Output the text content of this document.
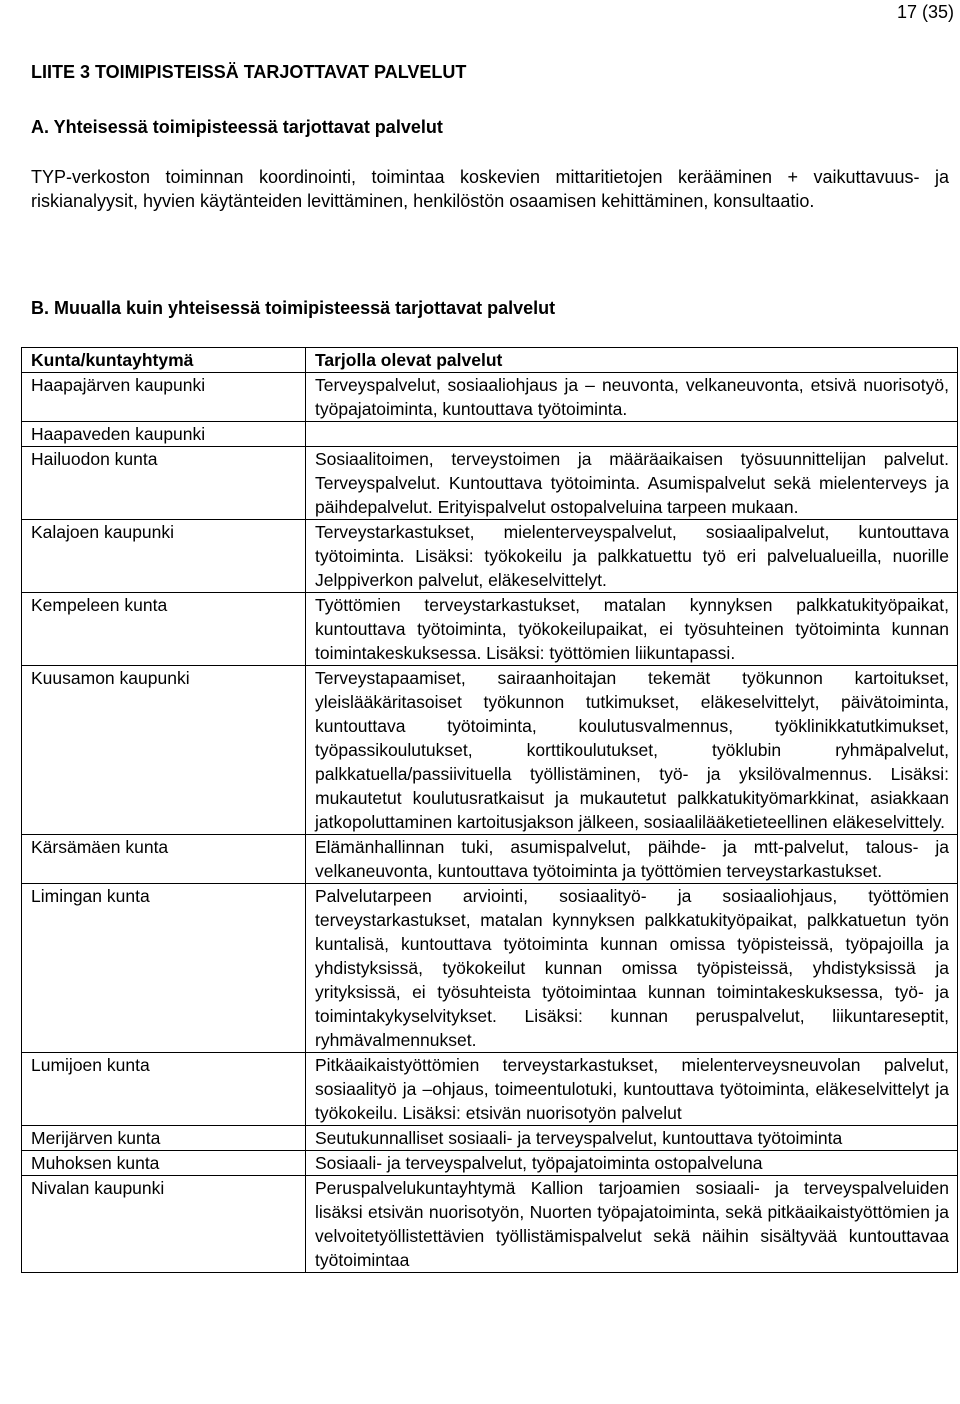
17 (35)
LIITE 3 TOIMIPISTEISSÄ TARJOTTAVAT PALVELUT
A. Yhteisessä toimipisteessä tarjottavat palvelut

TYP-verkoston toiminnan koordinointi, toimintaa koskevien mittaritietojen kerääminen + vaikuttavuus- ja riskianalyysit, hyvien käytänteiden levittäminen, henkilöstön osaamisen kehittäminen, konsultaatio.

B. Muualla kuin yhteisessä toimipisteessä tarjottavat palvelut
Kunta/kuntayhtymä	Tarjolla olevat palvelut
Haapajärven kaupunki	Terveyspalvelut, sosiaaliohjaus ja – neuvonta, velkaneuvonta, etsivä nuorisotyö, työpajatoiminta, kuntouttava työtoiminta.
Haapaveden kaupunki	
Hailuodon kunta	Sosiaalitoimen, terveystoimen ja määräaikaisen työsuunnittelijan palvelut. Terveyspalvelut. Kuntouttava työtoiminta. Asumispalvelut sekä mielenterveys ja päihdepalvelut. Erityispalvelut ostopalveluina tarpeen mukaan.
Kalajoen kaupunki	Terveystarkastukset, mielenterveyspalvelut, sosiaalipalvelut, kuntouttava työtoiminta. Lisäksi: työkokeilu ja palkkatuettu työ eri palvelualueilla, nuorille Jelppiverkon palvelut, eläkeselvittelyt.
Kempeleen kunta	Työttömien terveystarkastukset, matalan kynnyksen palkkatukityöpaikat, kuntouttava työtoiminta, työkokeilupaikat, ei työsuhteinen työtoiminta kunnan toimintakeskuksessa. Lisäksi: työttömien liikuntapassi.
Kuusamon kaupunki	Terveystapaamiset, sairaanhoitajan tekemät työkunnon kartoitukset, yleislääkäritasoiset työkunnon tutkimukset, eläkeselvittelyt, päivätoiminta, kuntouttava työtoiminta, koulutusvalmennus, työklinikkatutkimukset, työpassikoulutukset, korttikoulutukset, työklubin ryhmäpalvelut, palkkatuella/passiivituella työllistäminen, työ- ja yksilövalmennus. Lisäksi: mukautetut koulutusratkaisut ja mukautetut palkkatukityömarkkinat, asiakkaan jatkopoluttaminen kartoitusjakson jälkeen, sosiaalilääketieteellinen eläkeselvittely.
Kärsämäen kunta	Elämänhallinnan tuki, asumispalvelut, päihde- ja mtt-palvelut, talous- ja velkaneuvonta, kuntouttava työtoiminta ja työttömien terveystarkastukset.
Limingan kunta	Palvelutarpeen arviointi, sosiaalityö- ja sosiaaliohjaus, työttömien terveystarkastukset, matalan kynnyksen palkkatukityöpaikat, palkkatuetun työn kuntalisä, kuntouttava työtoiminta kunnan omissa työpisteissä, työpajoilla ja yhdistyksissä, työkokeilut kunnan omissa työpisteissä, yhdistyksissä ja yrityksissä, ei työsuhteista työtoimintaa kunnan toimintakeskuksessa, työ- ja toimintakykyselvitykset. Lisäksi: kunnan peruspalvelut, liikuntareseptit, ryhmävalmennukset.
Lumijoen kunta	Pitkäaikaistyöttömien terveystarkastukset, mielenterveysneuvolan palvelut, sosiaalityö ja –ohjaus, toimeentulotuki, kuntouttava työtoiminta, eläkeselvittelyt ja työkokeilu. Lisäksi: etsivän nuorisotyön palvelut
Merijärven kunta	Seutukunnalliset sosiaali- ja terveyspalvelut, kuntouttava työtoiminta
Muhoksen kunta	Sosiaali- ja terveyspalvelut, työpajatoiminta ostopalveluna
Nivalan kaupunki	Peruspalvelukuntayhtymä Kallion tarjoamien sosiaali- ja terveyspalveluiden lisäksi etsivän nuorisotyön, Nuorten työpajatoiminta, sekä pitkäaikaistyöttömien ja velvoitetyöllistettävien työllistämispalvelut sekä näihin sisältyvää kuntouttavaa työtoimintaa
